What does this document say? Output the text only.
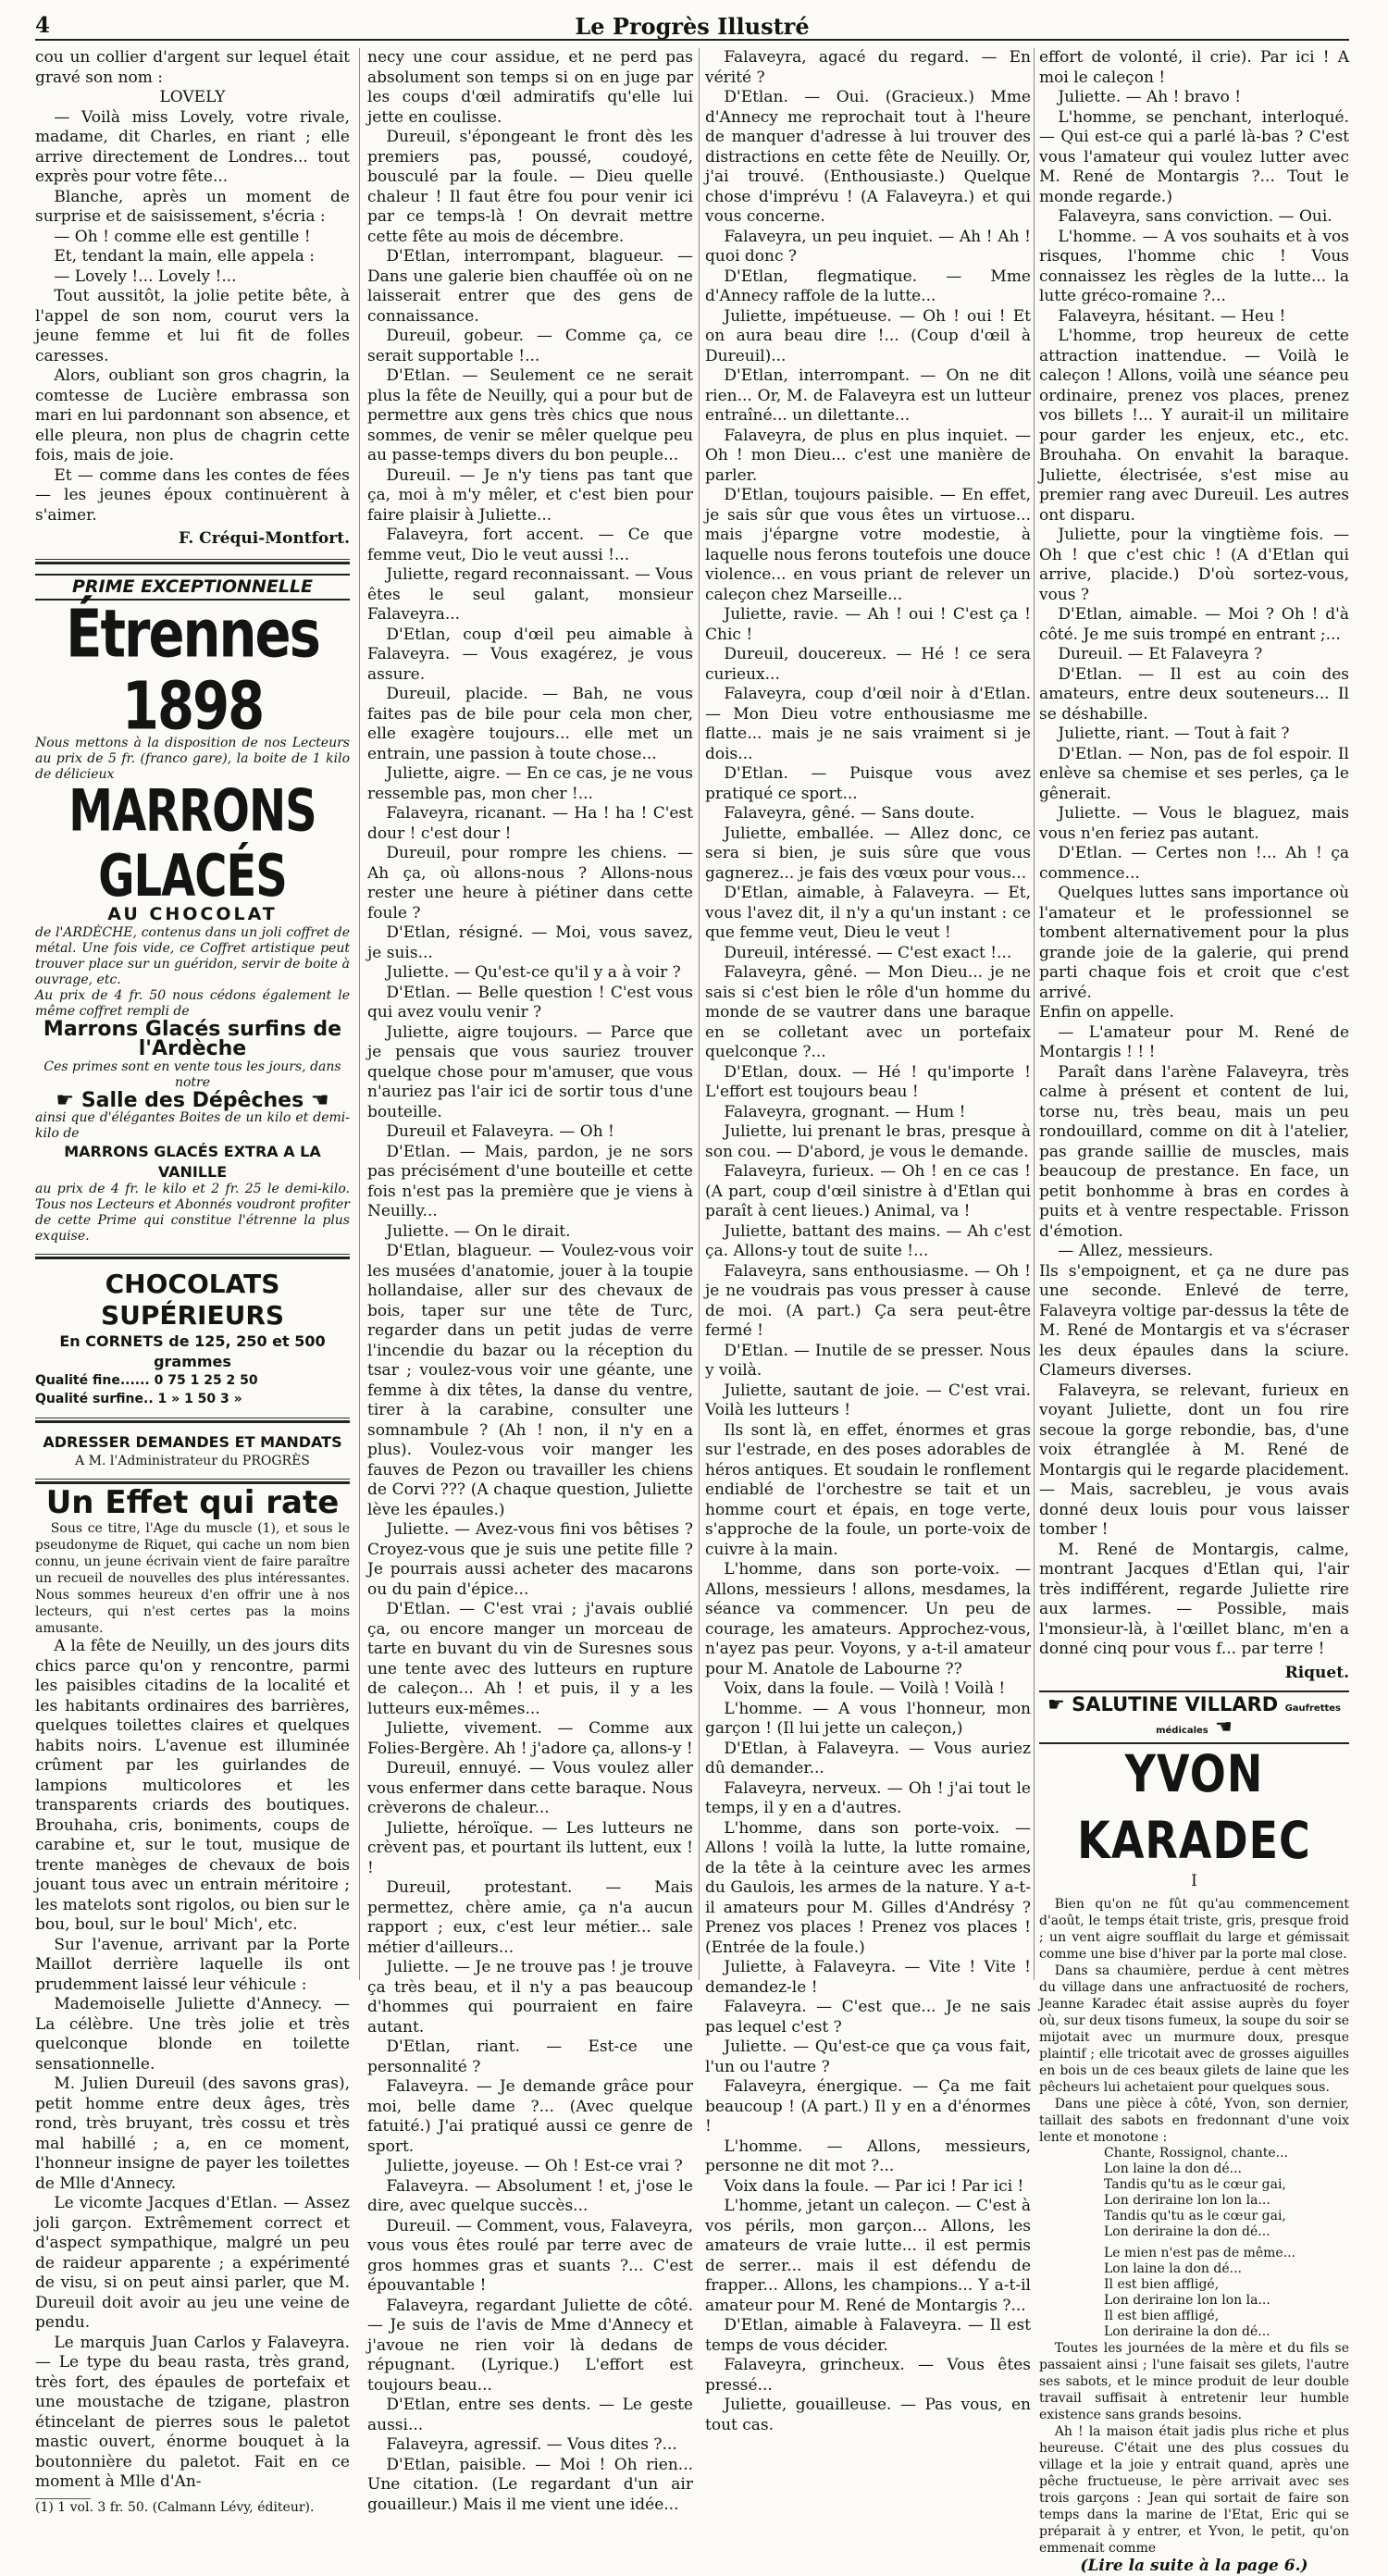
4	Le Progrès Illustré

cou un collier d'argent sur lequel était gravé son nom :

LOVELY

— Voilà miss Lovely, votre rivale, madame, dit Charles, en riant ; elle arrive directement de Londres... tout exprès pour votre fête...

Blanche, après un moment de surprise et de saisissement, s'écria :

— Oh ! comme elle est gentille !

Et, tendant la main, elle appela :

— Lovely !... Lovely !...

Tout aussitôt, la jolie petite bête, à l'appel de son nom, courut vers la jeune femme et lui fit de folles caresses.

Alors, oubliant son gros chagrin, la comtesse de Lucière embrassa son mari en lui pardonnant son absence, et elle pleura, non plus de chagrin cette fois, mais de joie.

Et — comme dans les contes de fées — les jeunes époux continuèrent à s'aimer.

F. Créqui-Montfort.
PRIME EXCEPTIONNELLE
Étrennes 1898
Nous mettons à la disposition de nos Lecteurs au prix de 5 fr. (franco gare), la boite de 1 kilo de délicieux
MARRONS GLACÉS
AU CHOCOLAT
de l'ARDÈCHE, contenus dans un joli coffret de métal. Une fois vide, ce Coffret artistique peut trouver place sur un guéridon, servir de boite à ouvrage, etc.
Au prix de 4 fr. 50 nous cédons également le même coffret rempli de
Marrons Glacés surfins de l'Ardèche
Ces primes sont en vente tous les jours, dans notre
☛ Salle des Dépêches ☚
ainsi que d'élégantes Boites de un kilo et demi-kilo de
MARRONS GLACÉS EXTRA A LA VANILLE
au prix de 4 fr. le kilo et 2 fr. 25 le demi-kilo. Tous nos Lecteurs et Abonnés voudront profiter de cette Prime qui constitue l'étrenne la plus exquise.
CHOCOLATS SUPÉRIEURS
En CORNETS de 125, 250 et 500 grammes
Qualité fine...... 0 75 1 25 2 50
Qualité surfine.. 1 » 1 50 3 »
ADRESSER DEMANDES ET MANDATS
A M. l'Administrateur du PROGRÈS
Un Effet qui rate

Sous ce titre, l'Age du muscle (1), et sous le pseudonyme de Riquet, qui cache un nom bien connu, un jeune écrivain vient de faire paraître un recueil de nouvelles des plus intéressantes. Nous sommes heureux d'en offrir une à nos lecteurs, qui n'est certes pas la moins amusante.

A la fête de Neuilly, un des jours dits chics parce qu'on y rencontre, parmi les paisibles citadins de la localité et les habitants ordinaires des barrières, quelques toilettes claires et quelques habits noirs. L'avenue est illuminée crûment par les guirlandes de lampions multicolores et les transparents criards des boutiques. Brouhaha, cris, boniments, coups de carabine et, sur le tout, musique de trente manèges de chevaux de bois jouant tous avec un entrain méritoire ; les matelots sont rigolos, ou bien sur le bou, boul, sur le boul' Mich', etc.

Sur l'avenue, arrivant par la Porte Maillot derrière laquelle ils ont prudemment laissé leur véhicule :

Mademoiselle Juliette d'Annecy. — La célèbre. Une très jolie et très quelconque blonde en toilette sensationnelle.

M. Julien Dureuil (des savons gras), petit homme entre deux âges, très rond, très bruyant, très cossu et très mal habillé ; a, en ce moment, l'honneur insigne de payer les toilettes de Mlle d'Annecy.

Le vicomte Jacques d'Etlan. — Assez joli garçon. Extrêmement correct et d'aspect sympathique, malgré un peu de raideur apparente ; a expérimenté de visu, si on peut ainsi parler, que M. Dureuil doit avoir au jeu une veine de pendu.

Le marquis Juan Carlos y Falaveyra. — Le type du beau rasta, très grand, très fort, des épaules de portefaix et une moustache de tzigane, plastron étincelant de pierres sous le paletot mastic ouvert, énorme bouquet à la boutonnière du paletot. Fait en ce moment à Mlle d'An-

(1) 1 vol. 3 fr. 50. (Calmann Lévy, éditeur).

necy une cour assidue, et ne perd pas absolument son temps si on en juge par les coups d'œil admiratifs qu'elle lui jette en coulisse.

Dureuil, s'épongeant le front dès les premiers pas, poussé, coudoyé, bousculé par la foule. — Dieu quelle chaleur ! Il faut être fou pour venir ici par ce temps-là ! On devrait mettre cette fête au mois de décembre.

D'Etlan, interrompant, blagueur. — Dans une galerie bien chauffée où on ne laisserait entrer que des gens de connaissance.

Dureuil, gobeur. — Comme ça, ce serait supportable !...

D'Etlan. — Seulement ce ne serait plus la fête de Neuilly, qui a pour but de permettre aux gens très chics que nous sommes, de venir se mêler quelque peu au passe-temps divers du bon peuple...

Dureuil. — Je n'y tiens pas tant que ça, moi à m'y mêler, et c'est bien pour faire plaisir à Juliette...

Falaveyra, fort accent. — Ce que femme veut, Dio le veut aussi !...

Juliette, regard reconnaissant. — Vous êtes le seul galant, monsieur Falaveyra...

D'Etlan, coup d'œil peu aimable à Falaveyra. — Vous exagérez, je vous assure.

Dureuil, placide. — Bah, ne vous faites pas de bile pour cela mon cher, elle exagère toujours... elle met un entrain, une passion à toute chose...

Juliette, aigre. — En ce cas, je ne vous ressemble pas, mon cher !...

Falaveyra, ricanant. — Ha ! ha ! C'est dour ! c'est dour !

Dureuil, pour rompre les chiens. — Ah ça, où allons-nous ? Allons-nous rester une heure à piétiner dans cette foule ?

D'Etlan, résigné. — Moi, vous savez, je suis...

Juliette. — Qu'est-ce qu'il y a à voir ?

D'Etlan. — Belle question ! C'est vous qui avez voulu venir ?

Juliette, aigre toujours. — Parce que je pensais que vous sauriez trouver quelque chose pour m'amuser, que vous n'auriez pas l'air ici de sortir tous d'une bouteille.

Dureuil et Falaveyra. — Oh !

D'Etlan. — Mais, pardon, je ne sors pas précisément d'une bouteille et cette fois n'est pas la première que je viens à Neuilly...

Juliette. — On le dirait.

D'Etlan, blagueur. — Voulez-vous voir les musées d'anatomie, jouer à la toupie hollandaise, aller sur des chevaux de bois, taper sur une tête de Turc, regarder dans un petit judas de verre l'incendie du bazar ou la réception du tsar ; voulez-vous voir une géante, une femme à dix têtes, la danse du ventre, tirer à la carabine, consulter une somnambule ? (Ah ! non, il n'y en a plus). Voulez-vous voir manger les fauves de Pezon ou travailler les chiens de Corvi ??? (A chaque question, Juliette lève les épaules.)

Juliette. — Avez-vous fini vos bêtises ? Croyez-vous que je suis une petite fille ? Je pourrais aussi acheter des macarons ou du pain d'épice...

D'Etlan. — C'est vrai ; j'avais oublié ça, ou encore manger un morceau de tarte en buvant du vin de Suresnes sous une tente avec des lutteurs en rupture de caleçon... Ah ! et puis, il y a les lutteurs eux-mêmes...

Juliette, vivement. — Comme aux Folies-Bergère. Ah ! j'adore ça, allons-y !

Dureuil, ennuyé. — Vous voulez aller vous enfermer dans cette baraque. Nous crèverons de chaleur...

Juliette, héroïque. — Les lutteurs ne crèvent pas, et pourtant ils luttent, eux ! !

Dureuil, protestant. — Mais permettez, chère amie, ça n'a aucun rapport ; eux, c'est leur métier... sale métier d'ailleurs...

Juliette. — Je ne trouve pas ! je trouve ça très beau, et il n'y a pas beaucoup d'hommes qui pourraient en faire autant.

D'Etlan, riant. — Est-ce une personnalité ?

Falaveyra. — Je demande grâce pour moi, belle dame ?... (Avec quelque fatuité.) J'ai pratiqué aussi ce genre de sport.

Juliette, joyeuse. — Oh ! Est-ce vrai ?

Falaveyra. — Absolument ! et, j'ose le dire, avec quelque succès...

Dureuil. — Comment, vous, Falaveyra, vous vous êtes roulé par terre avec de gros hommes gras et suants ?... C'est épouvantable !

Falaveyra, regardant Juliette de côté. — Je suis de l'avis de Mme d'Annecy et j'avoue ne rien voir là dedans de répugnant. (Lyrique.) L'effort est toujours beau...

D'Etlan, entre ses dents. — Le geste aussi...

Falaveyra, agressif. — Vous dites ?...

D'Etlan, paisible. — Moi ! Oh rien... Une citation. (Le regardant d'un air gouailleur.) Mais il me vient une idée...

Falaveyra, agacé du regard. — En vérité ?

D'Etlan. — Oui. (Gracieux.) Mme d'Annecy me reprochait tout à l'heure de manquer d'adresse à lui trouver des distractions en cette fête de Neuilly. Or, j'ai trouvé. (Enthousiaste.) Quelque chose d'imprévu ! (A Falaveyra.) et qui vous concerne.

Falaveyra, un peu inquiet. — Ah ! Ah ! quoi donc ?

D'Etlan, flegmatique. — Mme d'Annecy raffole de la lutte...

Juliette, impétueuse. — Oh ! oui ! Et on aura beau dire !... (Coup d'œil à Dureuil)...

D'Etlan, interrompant. — On ne dit rien... Or, M. de Falaveyra est un lutteur entraîné... un dilettante...

Falaveyra, de plus en plus inquiet. — Oh ! mon Dieu... c'est une manière de parler.

D'Etlan, toujours paisible. — En effet, je sais sûr que vous êtes un virtuose... mais j'épargne votre modestie, à laquelle nous ferons toutefois une douce violence... en vous priant de relever un caleçon chez Marseille...

Juliette, ravie. — Ah ! oui ! C'est ça ! Chic !

Dureuil, doucereux. — Hé ! ce sera curieux...

Falaveyra, coup d'œil noir à d'Etlan. — Mon Dieu votre enthousiasme me flatte... mais je ne sais vraiment si je dois...

D'Etlan. — Puisque vous avez pratiqué ce sport...

Falaveyra, gêné. — Sans doute.

Juliette, emballée. — Allez donc, ce sera si bien, je suis sûre que vous gagnerez... je fais des vœux pour vous...

D'Etlan, aimable, à Falaveyra. — Et, vous l'avez dit, il n'y a qu'un instant : ce que femme veut, Dieu le veut !

Dureuil, intéressé. — C'est exact !...

Falaveyra, gêné. — Mon Dieu... je ne sais si c'est bien le rôle d'un homme du monde de se vautrer dans une baraque en se colletant avec un portefaix quelconque ?...

D'Etlan, doux. — Hé ! qu'importe ! L'effort est toujours beau !

Falaveyra, grognant. — Hum !

Juliette, lui prenant le bras, presque à son cou. — D'abord, je vous le demande.

Falaveyra, furieux. — Oh ! en ce cas ! (A part, coup d'œil sinistre à d'Etlan qui paraît à cent lieues.) Animal, va !

Juliette, battant des mains. — Ah c'est ça. Allons-y tout de suite !...

Falaveyra, sans enthousiasme. — Oh ! je ne voudrais pas vous presser à cause de moi. (A part.) Ça sera peut-être fermé !

D'Etlan. — Inutile de se presser. Nous y voilà.

Juliette, sautant de joie. — C'est vrai. Voilà les lutteurs !

Ils sont là, en effet, énormes et gras sur l'estrade, en des poses adorables de héros antiques. Et soudain le ronflement endiablé de l'orchestre se tait et un homme court et épais, en toge verte, s'approche de la foule, un porte-voix de cuivre à la main.

L'homme, dans son porte-voix. — Allons, messieurs ! allons, mesdames, la séance va commencer. Un peu de courage, les amateurs. Approchez-vous, n'ayez pas peur. Voyons, y a-t-il amateur pour M. Anatole de Labourne ??

Voix, dans la foule. — Voilà ! Voilà !

L'homme. — A vous l'honneur, mon garçon ! (Il lui jette un caleçon,)

D'Etlan, à Falaveyra. — Vous auriez dû demander...

Falaveyra, nerveux. — Oh ! j'ai tout le temps, il y en a d'autres.

L'homme, dans son porte-voix. — Allons ! voilà la lutte, la lutte romaine, de la tête à la ceinture avec les armes du Gaulois, les armes de la nature. Y a-t-il amateurs pour M. Gilles d'Andrésy ? Prenez vos places ! Prenez vos places ! (Entrée de la foule.)

Juliette, à Falaveyra. — Vite ! Vite ! demandez-le !

Falaveyra. — C'est que... Je ne sais pas lequel c'est ?

Juliette. — Qu'est-ce que ça vous fait, l'un ou l'autre ?

Falaveyra, énergique. — Ça me fait beaucoup ! (A part.) Il y en a d'énormes !

L'homme. — Allons, messieurs, personne ne dit mot ?...

Voix dans la foule. — Par ici ! Par ici !

L'homme, jetant un caleçon. — C'est à vos périls, mon garçon... Allons, les amateurs de vraie lutte... il est permis de serrer... mais il est défendu de frapper... Allons, les champions... Y a-t-il amateur pour M. René de Montargis ?...

D'Etlan, aimable à Falaveyra. — Il est temps de vous décider.

Falaveyra, grincheux. — Vous êtes pressé...

Juliette, gouailleuse. — Pas vous, en tout cas.

effort de volonté, il crie). Par ici ! A moi le caleçon !

Juliette. — Ah ! bravo !

L'homme, se penchant, interloqué. — Qui est-ce qui a parlé là-bas ? C'est vous l'amateur qui voulez lutter avec M. René de Montargis ?... Tout le monde regarde.)

Falaveyra, sans conviction. — Oui.

L'homme. — A vos souhaits et à vos risques, l'homme chic ! Vous connaissez les règles de la lutte... la lutte gréco-romaine ?...

Falaveyra, hésitant. — Heu !

L'homme, trop heureux de cette attraction inattendue. — Voilà le caleçon ! Allons, voilà une séance peu ordinaire, prenez vos places, prenez vos billets !... Y aurait-il un militaire pour garder les enjeux, etc., etc. Brouhaha. On envahit la baraque. Juliette, électrisée, s'est mise au premier rang avec Dureuil. Les autres ont disparu.

Juliette, pour la vingtième fois. — Oh ! que c'est chic ! (A d'Etlan qui arrive, placide.) D'où sortez-vous, vous ?

D'Etlan, aimable. — Moi ? Oh ! d'à côté. Je me suis trompé en entrant ;...

Dureuil. — Et Falaveyra ?

D'Etlan. — Il est au coin des amateurs, entre deux souteneurs... Il se déshabille.

Juliette, riant. — Tout à fait ?

D'Etlan. — Non, pas de fol espoir. Il enlève sa chemise et ses perles, ça le gênerait.

Juliette. — Vous le blaguez, mais vous n'en feriez pas autant.

D'Etlan. — Certes non !... Ah ! ça commence...

Quelques luttes sans importance où l'amateur et le professionnel se tombent alternativement pour la plus grande joie de la galerie, qui prend parti chaque fois et croit que c'est arrivé.

Enfin on appelle.

— L'amateur pour M. René de Montargis ! ! !

Paraît dans l'arène Falaveyra, très calme à présent et content de lui, torse nu, très beau, mais un peu rondouillard, comme on dit à l'atelier, pas grande saillie de muscles, mais beaucoup de prestance. En face, un petit bonhomme à bras en cordes à puits et à ventre respectable. Frisson d'émotion.

— Allez, messieurs.

Ils s'empoignent, et ça ne dure pas une seconde. Enlevé de terre, Falaveyra voltige par-dessus la tête de M. René de Montargis et va s'écraser les deux épaules dans la sciure. Clameurs diverses.

Falaveyra, se relevant, furieux en voyant Juliette, dont un fou rire secoue la gorge rebondie, bas, d'une voix étranglée à M. René de Montargis qui le regarde placidement. — Mais, sacrebleu, je vous avais donné deux louis pour vous laisser tomber !

M. René de Montargis, calme, montrant Jacques d'Etlan qui, l'air très indifférent, regarde Juliette rire aux larmes. — Possible, mais l'monsieur-là, à l'œillet blanc, m'en a donné cinq pour vous f... par terre !

Riquet.
☛ SALUTINE VILLARD Gaufrettes médicales ☚
YVON KARADEC
I

Bien qu'on ne fût qu'au commencement d'août, le temps était triste, gris, presque froid ; un vent aigre soufflait du large et gémissait comme une bise d'hiver par la porte mal close.

Dans sa chaumière, perdue à cent mètres du village dans une anfractuosité de rochers, Jeanne Karadec était assise auprès du foyer où, sur deux tisons fumeux, la soupe du soir se mijotait avec un murmure doux, presque plaintif ; elle tricotait avec de grosses aiguilles en bois un de ces beaux gilets de laine que les pêcheurs lui achetaient pour quelques sous.

Dans une pièce à côté, Yvon, son dernier, taillait des sabots en fredonnant d'une voix lente et monotone :

Chante, Rossignol, chante...
Lon laine la don dé...
Tandis qu'tu as le cœur gai,
Lon deriraine lon lon la...
Tandis qu'tu as le cœur gai,
Lon deriraine la don dé...
Le mien n'est pas de même...
Lon laine la don dé...
Il est bien affligé,
Lon deriraine lon lon la...
Il est bien affligé,
Lon deriraine la don dé...

Toutes les journées de la mère et du fils se passaient ainsi ; l'une faisait ses gilets, l'autre ses sabots, et le mince produit de leur double travail suffisait à entretenir leur humble existence sans grands besoins.

Ah ! la maison était jadis plus riche et plus heureuse. C'était une des plus cossues du village et la joie y entrait quand, après une pêche fructueuse, le père arrivait avec ses trois garçons : Jean qui sortait de faire son temps dans la marine de l'Etat, Eric qui se préparait à y entrer, et Yvon, le petit, qu'on emmenait comme

(Lire la suite à la page 6.)
